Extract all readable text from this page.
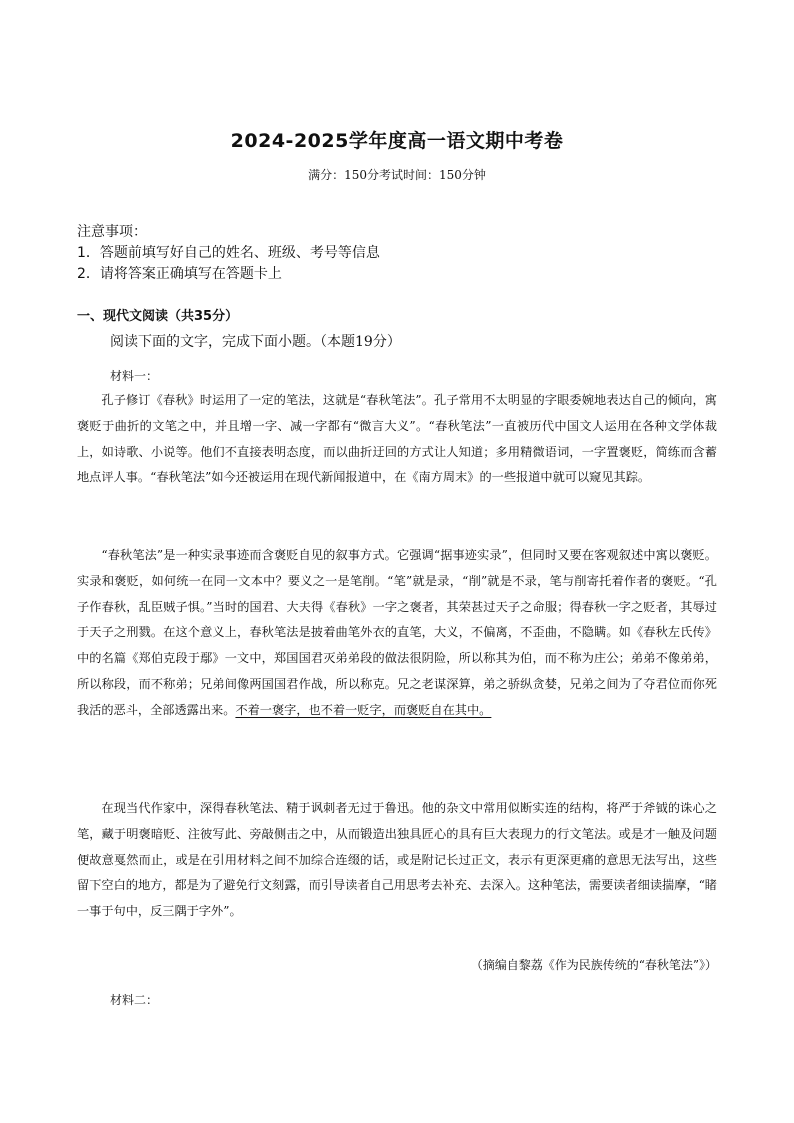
2024-2025学年度高一语文期中考卷
满分：150分考试时间：150分钟
注意事项：
1．答题前填写好自己的姓名、班级、考号等信息
2．请将答案正确填写在答题卡上
一、现代文阅读（共35分）
阅读下面的文字，完成下面小题。（本题19分）
材料一：
孔子修订《春秋》时运用了一定的笔法，这就是“春秋笔法”。孔子常用不太明显的字眼委婉地表达自己的倾向，寓褒贬于曲折的文笔之中，并且增一字、减一字都有“微言大义”。“春秋笔法”一直被历代中国文人运用在各种文学体裁上，如诗歌、小说等。他们不直接表明态度，而以曲折迂回的方式让人知道；多用精微语词，一字置褒贬，简练而含蓄地点评人事。“春秋笔法”如今还被运用在现代新闻报道中，在《南方周末》的一些报道中就可以窥见其踪。
“春秋笔法”是一种实录事迹而含褒贬自见的叙事方式。它强调“据事迹实录”，但同时又要在客观叙述中寓以褒贬。实录和褒贬，如何统一在同一文本中？要义之一是笔削。“笔”就是录，“削”就是不录，笔与削寄托着作者的褒贬。“孔子作春秋，乱臣贼子惧。”当时的国君、大夫得《春秋》一字之褒者，其荣甚过天子之命服；得春秋一字之贬者，其辱过于天子之刑戮。在这个意义上，春秋笔法是披着曲笔外衣的直笔，大义，不偏离，不歪曲，不隐瞒。如《春秋左氏传》中的名篇《郑伯克段于鄢》一文中，郑国国君灭弟弟段的做法很阴险，所以称其为伯，而不称为庄公；弟弟不像弟弟，所以称段，而不称弟；兄弟间像两国国君作战，所以称克。兄之老谋深算，弟之骄纵贪婪，兄弟之间为了夺君位而你死我活的恶斗，全部透露出来。不着一褒字，也不着一贬字，而褒贬自在其中。
在现当代作家中，深得春秋笔法、精于讽刺者无过于鲁迅。他的杂文中常用似断实连的结构，将严于斧钺的诛心之笔，藏于明褒暗贬、注彼写此、旁敲侧击之中，从而锻造出独具匠心的具有巨大表现力的行文笔法。或是才一触及问题便故意戛然而止，或是在引用材料之间不加综合连缀的话，或是附记长过正文，表示有更深更痛的意思无法写出，这些留下空白的地方，都是为了避免行文刻露，而引导读者自己用思考去补充、去深入。这种笔法，需要读者细读揣摩，“睹一事于句中，反三隅于字外”。
（摘编自黎荔《作为民族传统的“春秋笔法”》）
材料二：
